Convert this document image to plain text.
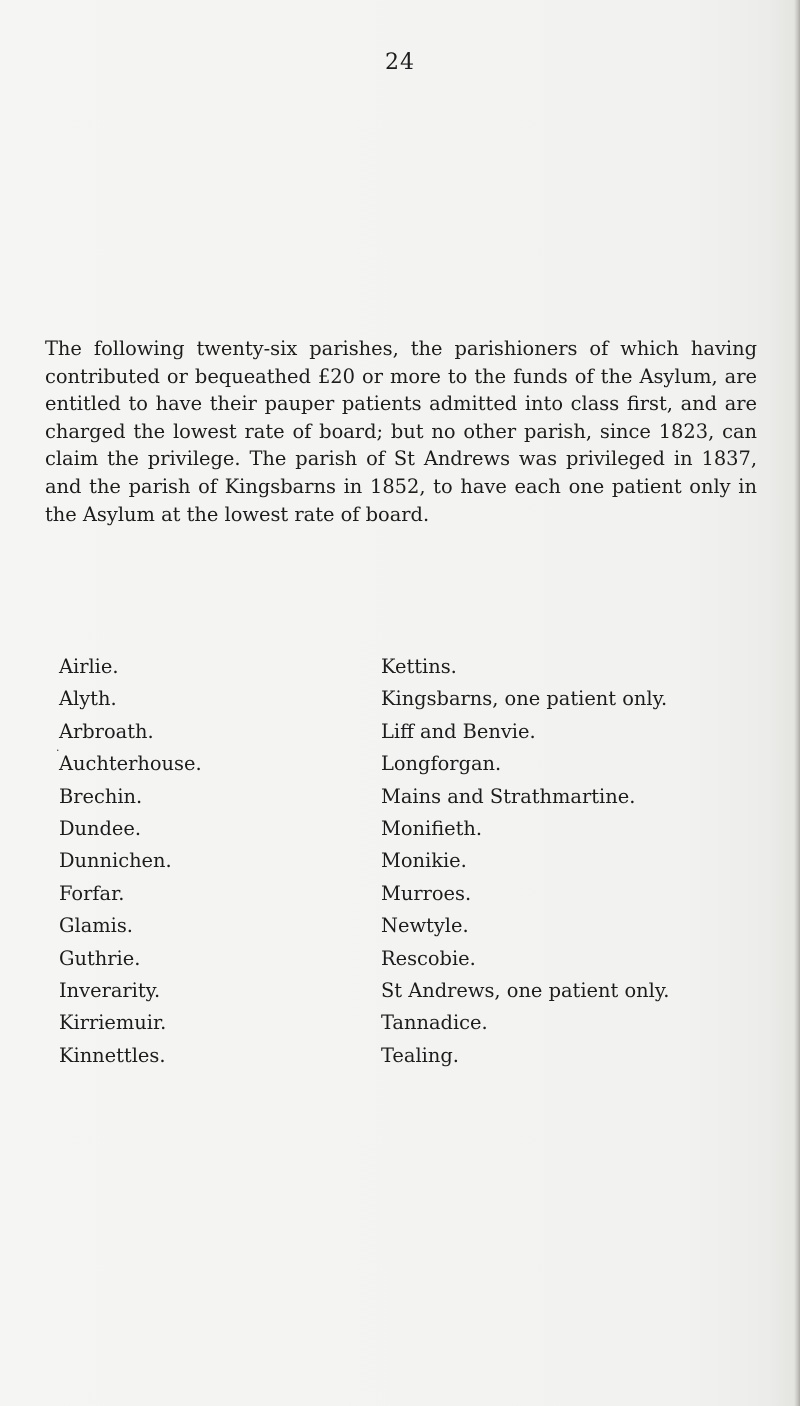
24

The following twenty-six parishes, the parishioners of which having contributed or bequeathed £20 or more to the funds of the Asylum, are entitled to have their pauper patients admitted into class first, and are charged the lowest rate of board; but no other parish, since 1823, can claim the privilege. The parish of St Andrews was privileged in 1837, and the parish of Kingsbarns in 1852, to have each one patient only in the Asylum at the lowest rate of board.

Airlie.
Alyth.
Arbroath.
Auchterhouse.
Brechin.
Dundee.
Dunnichen.
Forfar.
Glamis.
Guthrie.
Inverarity.
Kirriemuir.
Kinnettles.
Kettins.
Kingsbarns, one patient only.
Liff and Benvie.
Longforgan.
Mains and Strathmartine.
Monifieth.
Monikie.
Murroes.
Newtyle.
Rescobie.
St Andrews, one patient only.
Tannadice.
Tealing.
·
